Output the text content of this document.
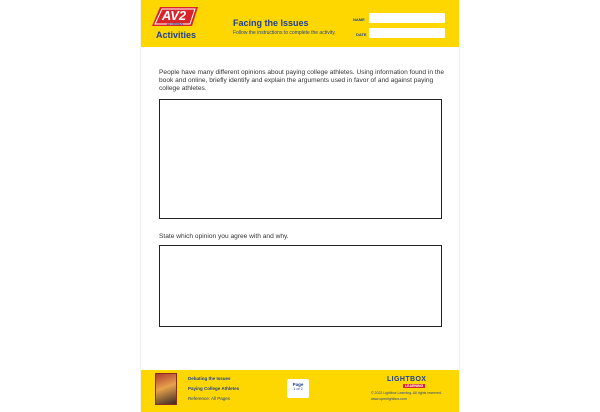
AV2
ACTIVITIES
Activities
Facing the Issues
Follow the instructions to complete the activity.
NAME
DATE
People have many different opinions about paying college athletes. Using information found in the book and online, briefly identify and explain the arguments used in favor of and against paying college athletes.
State which opinion you agree with and why.
Debating the Issues
Paying College Athletes
Reference: All Pages
Page
1 of 2
LIGHTBOX
LEARNING
© 2022 Lightbox Learning. All rights reserved.
www.openlightbox.com
